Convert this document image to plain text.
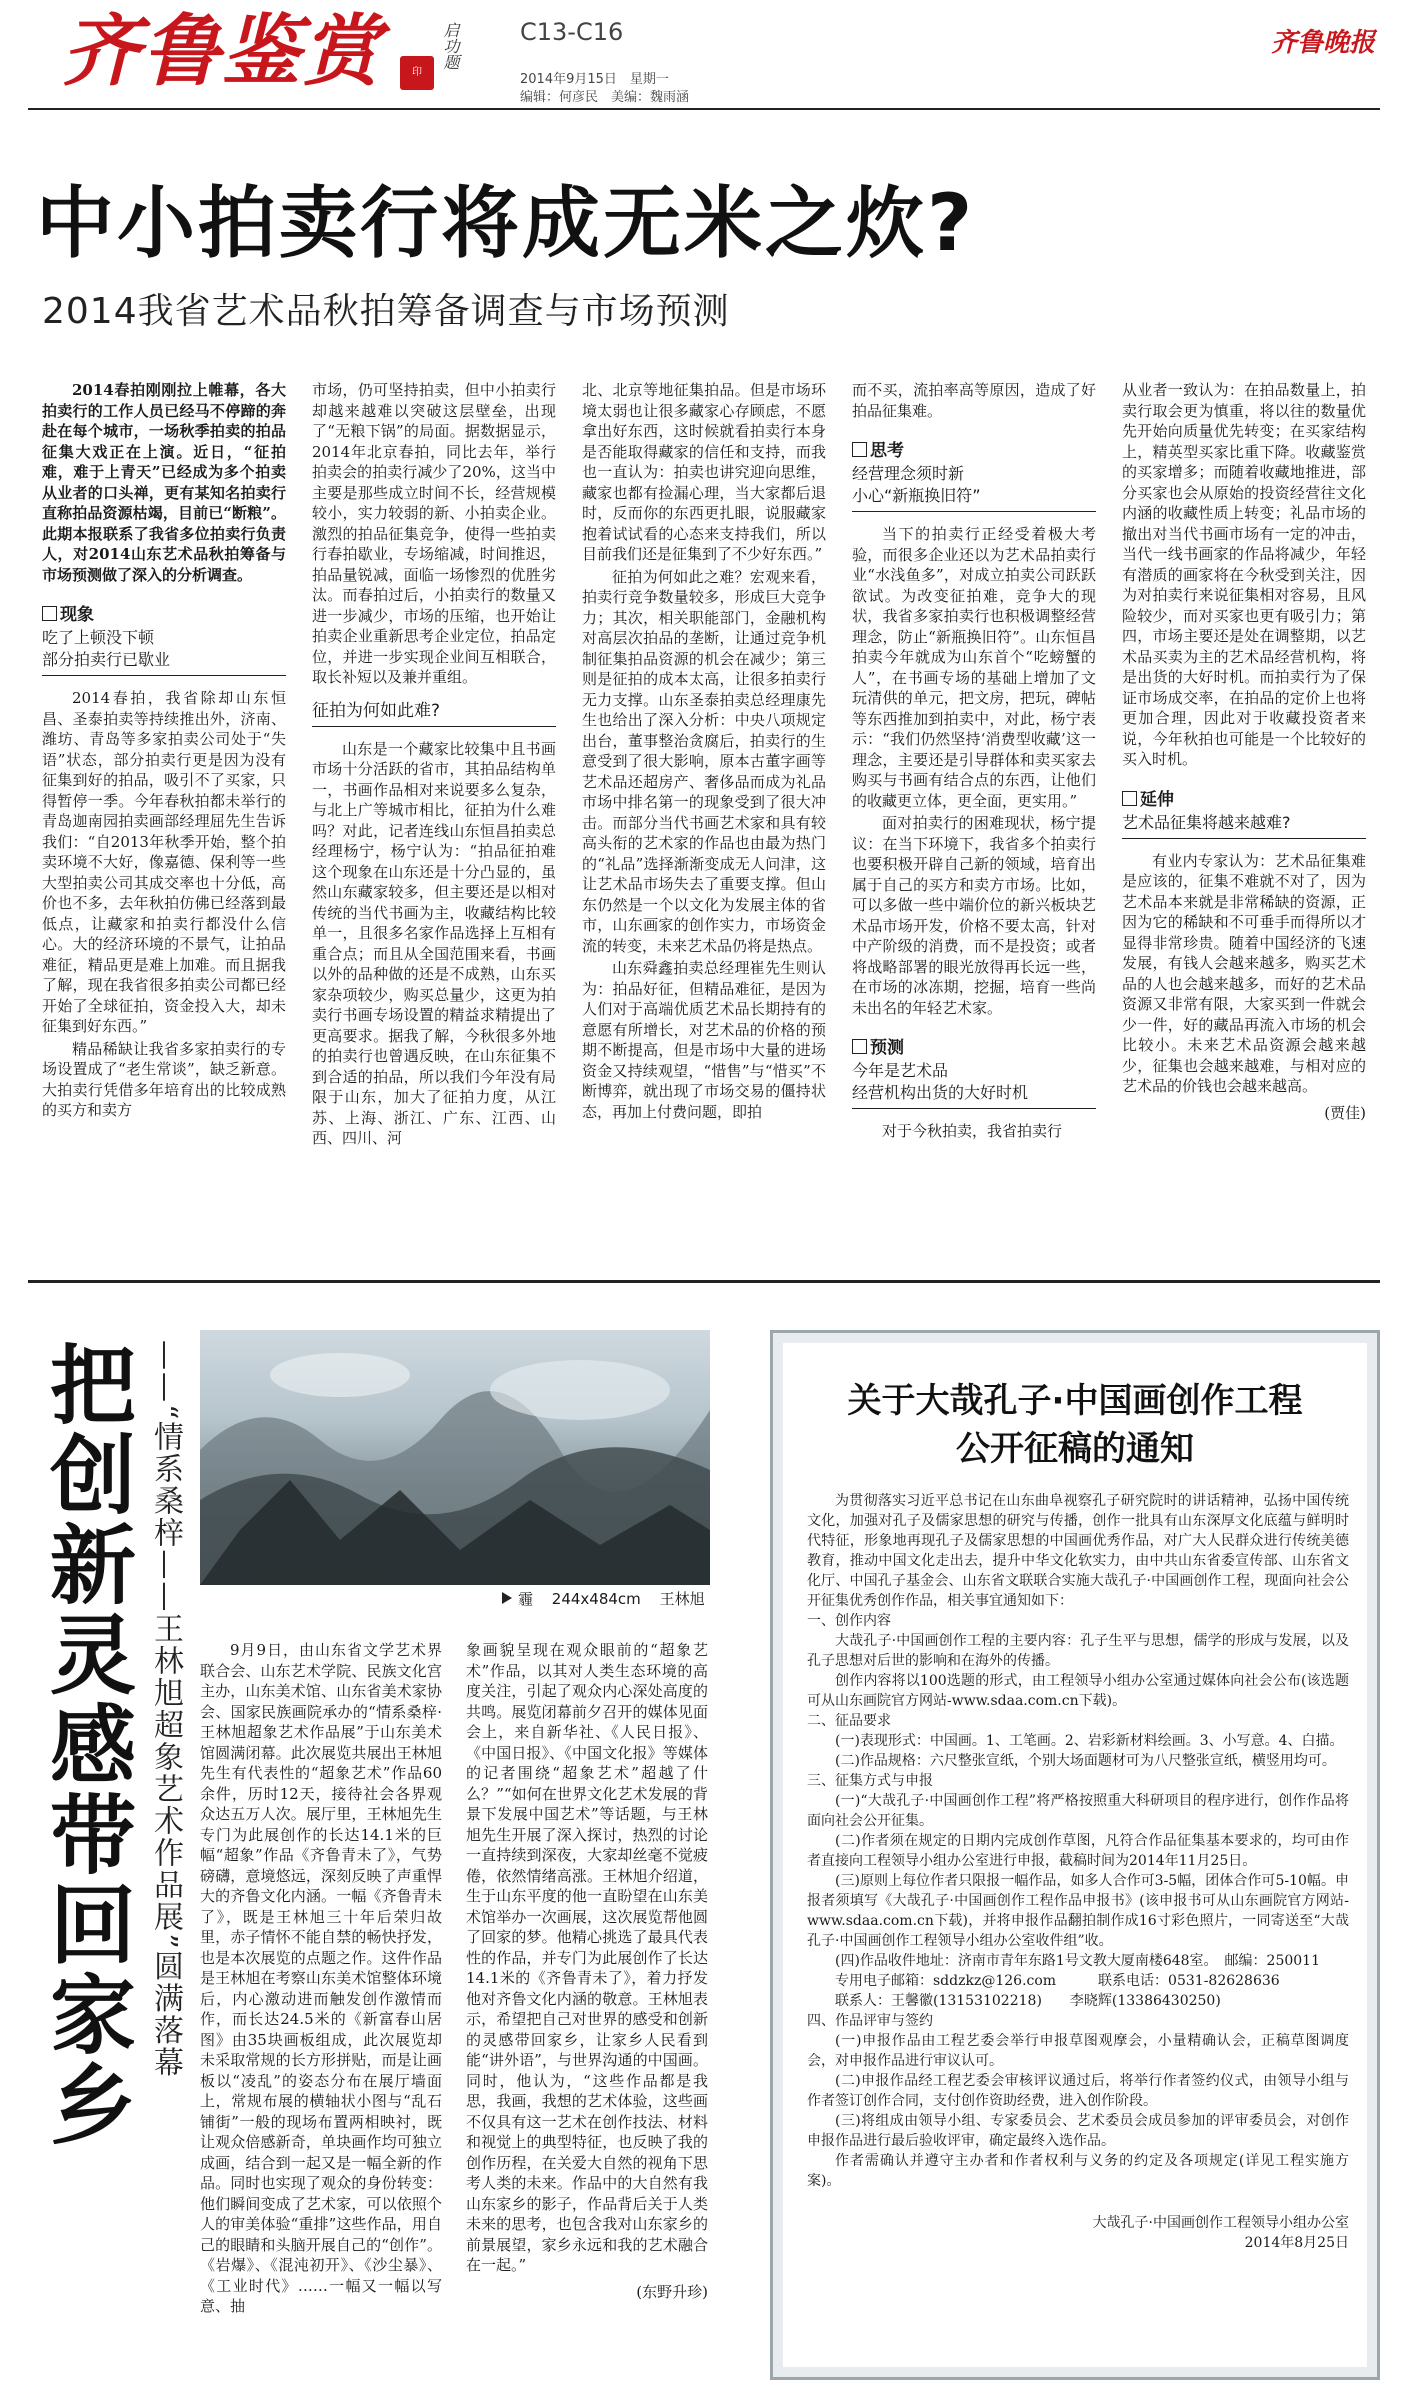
齐鲁鉴赏	印
启功题	C13-C16
2014年9月15日　星期一
编辑：何彦民　美编：魏雨涵
齐鲁晚报
中小拍卖行将成无米之炊?
2014我省艺术品秋拍筹备调查与市场预测

2014春拍刚刚拉上帷幕，各大拍卖行的工作人员已经马不停蹄的奔赴在每个城市，一场秋季拍卖的拍品征集大戏正在上演。近日，“征拍难，难于上青天”已经成为多个拍卖从业者的口头禅，更有某知名拍卖行直称拍品资源枯竭，目前已“断粮”。此期本报联系了我省多位拍卖行负责人，对2014山东艺术品秋拍筹备与市场预测做了深入的分析调查。

现象
吃了上顿没下顿
部分拍卖行已歇业

2014春拍，我省除却山东恒昌、圣泰拍卖等持续推出外，济南、潍坊、青岛等多家拍卖公司处于“失语”状态，部分拍卖行更是因为没有征集到好的拍品，吸引不了买家，只得暂停一季。今年春秋拍都未举行的青岛迦南园拍卖画部经理屈先生告诉我们：“自2013年秋季开始，整个拍卖环境不大好，像嘉德、保利等一些大型拍卖公司其成交率也十分低，高价也不多，去年秋拍仿佛已经落到最低点，让藏家和拍卖行都没什么信心。大的经济环境的不景气，让拍品难征，精品更是难上加难。而且据我了解，现在我省很多拍卖公司都已经开始了全球征拍，资金投入大，却未征集到好东西。”

精品稀缺让我省多家拍卖行的专场设置成了“老生常谈”，缺乏新意。大拍卖行凭借多年培育出的比较成熟的买方和卖方

市场，仍可坚持拍卖，但中小拍卖行却越来越难以突破这层壁垒，出现了“无粮下锅”的局面。据数据显示，2014年北京春拍，同比去年，举行拍卖会的拍卖行减少了20%，这当中主要是那些成立时间不长，经营规模较小，实力较弱的新、小拍卖企业。激烈的拍品征集竞争，使得一些拍卖行春拍歇业，专场缩减，时间推迟，拍品量锐减，面临一场惨烈的优胜劣汰。而春拍过后，小拍卖行的数量又进一步减少，市场的压缩，也开始让拍卖企业重新思考企业定位，拍品定位，并进一步实现企业间互相联合，取长补短以及兼并重组。

征拍为何如此难?

山东是一个藏家比较集中且书画市场十分活跃的省市，其拍品结构单一，书画作品相对来说要多么复杂，与北上广等城市相比，征拍为什么难吗？对此，记者连线山东恒昌拍卖总经理杨宁，杨宁认为：“拍品征拍难这个现象在山东还是十分凸显的，虽然山东藏家较多，但主要还是以相对传统的当代书画为主，收藏结构比较单一，且很多名家作品选择上互相有重合点；而且从全国范围来看，书画以外的品种做的还是不成熟，山东买家杂项较少，购买总量少，这更为拍卖行书画专场设置的精益求精提出了更高要求。据我了解，今秋很多外地的拍卖行也曾遇反映，在山东征集不到合适的拍品，所以我们今年没有局限于山东，加大了征拍力度，从江苏、上海、浙江、广东、江西、山西、四川、河

北、北京等地征集拍品。但是市场环境太弱也让很多藏家心存顾虑，不愿拿出好东西，这时候就看拍卖行本身是否能取得藏家的信任和支持，而我也一直认为：拍卖也讲究迎向思维，藏家也都有捡漏心理，当大家都后退时，反而你的东西更扎眼，说服藏家抱着试试看的心态来支持我们，所以目前我们还是征集到了不少好东西。”

征拍为何如此之难？宏观来看，拍卖行竞争数量较多，形成巨大竞争力；其次，相关职能部门，金融机构对高层次拍品的垄断，让通过竞争机制征集拍品资源的机会在减少；第三则是征拍的成本太高，让很多拍卖行无力支撑。山东圣泰拍卖总经理康先生也给出了深入分析：中央八项规定出台，董事整治贪腐后，拍卖行的生意受到了很大影响，原本古董字画等艺术品还超房产、奢侈品而成为礼品市场中排名第一的现象受到了很大冲击。而部分当代书画艺术家和具有较高头衔的艺术家的作品也由最为热门的“礼品”选择渐渐变成无人问津，这让艺术品市场失去了重要支撑。但山东仍然是一个以文化为发展主体的省市，山东画家的创作实力，市场资金流的转变，未来艺术品仍将是热点。

山东舜鑫拍卖总经理崔先生则认为：拍品好征，但精品难征，是因为人们对于高端优质艺术品长期持有的意愿有所增长，对艺术品的价格的预期不断提高，但是市场中大量的进场资金又持续观望，“惜售”与“惜买”不断博弈，就出现了市场交易的僵持状态，再加上付费问题，即拍

而不买，流拍率高等原因，造成了好拍品征集难。

思考
经营理念须时新
小心“新瓶换旧符”

当下的拍卖行正经受着极大考验，而很多企业还以为艺术品拍卖行业“水浅鱼多”，对成立拍卖公司跃跃欲试。为改变征拍难，竞争大的现状，我省多家拍卖行也积极调整经营理念，防止“新瓶换旧符”。山东恒昌拍卖今年就成为山东首个“吃螃蟹的人”，在书画专场的基础上增加了文玩清供的单元，把文房，把玩，碑帖等东西推加到拍卖中，对此，杨宁表示：“我们仍然坚持‘消费型收藏’这一理念，主要还是引导群体和卖买家去购买与书画有结合点的东西，让他们的收藏更立体，更全面，更实用。”

面对拍卖行的困难现状，杨宁提议：在当下环境下，我省多个拍卖行也要积极开辟自己新的领域，培育出属于自己的买方和卖方市场。比如，可以多做一些中端价位的新兴板块艺术品市场开发，价格不要太高，针对中产阶级的消费，而不是投资；或者将战略部署的眼光放得再长远一些，在市场的冰冻期，挖掘，培育一些尚未出名的年轻艺术家。

预测
今年是艺术品
经营机构出货的大好时机

对于今秋拍卖，我省拍卖行

从业者一致认为：在拍品数量上，拍卖行取会更为慎重，将以往的数量优先开始向质量优先转变；在买家结构上，精英型买家比重下降。收藏鉴赏的买家增多；而随着收藏地推进，部分买家也会从原始的投资经营往文化内涵的收藏性质上转变；礼品市场的撤出对当代书画市场有一定的冲击，当代一线书画家的作品将减少，年轻有潜质的画家将在今秋受到关注，因为对拍卖行来说征集相对容易，且风险较少，而对买家也更有吸引力；第四，市场主要还是处在调整期，以艺术品买卖为主的艺术品经营机构，将是出货的大好时机。而拍卖行为了保证市场成交率，在拍品的定价上也将更加合理，因此对于收藏投资者来说，今年秋拍也可能是一个比较好的买入时机。

延伸
艺术品征集将越来越难?

有业内专家认为：艺术品征集难是应该的，征集不难就不对了，因为艺术品本来就是非常稀缺的资源，正因为它的稀缺和不可垂手而得所以才显得非常珍贵。随着中国经济的飞速发展，有钱人会越来越多，购买艺术品的人也会越来越多，而好的艺术品资源又非常有限，大家买到一件就会少一件，好的藏品再流入市场的机会比较小。未来艺术品资源会越来越少，征集也会越来越难，与相对应的艺术品的价钱也会越来越高。

(贾佳)
把创新灵感带回家乡 ——“情系桑梓——王林旭超象艺术作品展”圆满落幕	霾 244x484cm 王林旭

9月9日，由山东省文学艺术界联合会、山东艺术学院、民族文化宫主办，山东美术馆、山东省美术家协会、国家民族画院承办的“情系桑梓·王林旭超象艺术作品展”于山东美术馆圆满闭幕。此次展览共展出王林旭先生有代表性的“超象艺术”作品60余件，历时12天，接待社会各界观众达五万人次。展厅里，王林旭先生专门为此展创作的长达14.1米的巨幅“超象”作品《齐鲁青未了》，气势磅礴，意境悠远，深刻反映了声重悍大的齐鲁文化内涵。一幅《齐鲁青未了》，既是王林旭三十年后荣归故里，赤子情怀不能自禁的畅快抒发，也是本次展览的点题之作。这件作品是王林旭在考察山东美术馆整体环境后，内心激动进而触发创作激情而作，而长达24.5米的《新富春山居图》由35块画板组成，此次展览却未采取常规的长方形拼贴，而是让画板以“凌乱”的姿态分布在展厅墙面上，常规布展的横轴状小图与“乱石铺街”一般的现场布置两相映衬，既让观众倍感新奇，单块画作均可独立成画，结合到一起又是一幅全新的作品。同时也实现了观众的身份转变：他们瞬间变成了艺术家，可以依照个人的审美体验“重排”这些作品，用自己的眼睛和头脑开展自己的“创作”。《岩爆》、《混沌初开》、《沙尘暴》、《工业时代》……一幅又一幅以写意、抽

象画貌呈现在观众眼前的“超象艺术”作品，以其对人类生态环境的高度关注，引起了观众内心深处高度的共鸣。展览闭幕前夕召开的媒体见面会上，来自新华社、《人民日报》、《中国日报》、《中国文化报》等媒体的记者围绕“超象艺术”超越了什么？”“如何在世界文化艺术发展的背景下发展中国艺术”等话题，与王林旭先生开展了深入探讨，热烈的讨论一直持续到深夜，大家却丝毫不觉疲倦，依然情绪高涨。王林旭介绍道，生于山东平度的他一直盼望在山东美术馆举办一次画展，这次展览帮他圆了回家的梦。他精心挑选了最具代表性的作品，并专门为此展创作了长达14.1米的《齐鲁青未了》，着力抒发他对齐鲁文化内涵的敬意。王林旭表示，希望把自己对世界的感受和创新的灵感带回家乡，让家乡人民看到能“讲外语”，与世界沟通的中国画。同时，他认为，“这些作品都是我思，我画，我想的艺术体验，这些画不仅具有这一艺术在创作技法、材料和视觉上的典型特征，也反映了我的创作历程，在关爱大自然的视角下思考人类的未来。作品中的大自然有我山东家乡的影子，作品背后关于人类未来的思考，也包含我对山东家乡的前景展望，家乡永远和我的艺术融合在一起。”

(东野升珍)
关于大哉孔子·中国画创作工程
公开征稿的通知

为贯彻落实习近平总书记在山东曲阜视察孔子研究院时的讲话精神，弘扬中国传统文化，加强对孔子及儒家思想的研究与传播，创作一批具有山东深厚文化底蕴与鲜明时代特征，形象地再现孔子及儒家思想的中国画优秀作品，对广大人民群众进行传统美德教育，推动中国文化走出去，提升中华文化软实力，由中共山东省委宣传部、山东省文化厅、中国孔子基金会、山东省文联联合实施大哉孔子·中国画创作工程，现面向社会公开征集优秀创作作品，相关事宜通知如下：

一、创作内容

大哉孔子·中国画创作工程的主要内容：孔子生平与思想，儒学的形成与发展，以及孔子思想对后世的影响和在海外的传播。

创作内容将以100选题的形式，由工程领导小组办公室通过媒体向社会公布(该选题可从山东画院官方网站-www.sdaa.com.cn下载)。

二、征品要求
(一)表现形式：中国画。1、工笔画。2、岩彩新材料绘画。3、小写意。4、白描。
(二)作品规格：六尺整张宣纸，个别大场面题材可为八尺整张宣纸，横竖用均可。
三、征集方式与申报

(一)“大哉孔子·中国画创作工程”将严格按照重大科研项目的程序进行，创作作品将面向社会公开征集。

(二)作者须在规定的日期内完成创作草图，凡符合作品征集基本要求的，均可由作者直接向工程领导小组办公室进行申报，截稿时间为2014年11月25日。

(三)原则上每位作者只限报一幅作品，如多人合作可3-5幅，团体合作可5-10幅。申报者须填写《大哉孔子·中国画创作工程作品申报书》(该申报书可从山东画院官方网站-www.sdaa.com.cn下载)，并将申报作品翻拍制作成16寸彩色照片，一同寄送至“大哉孔子·中国画创作工程领导小组办公室收件组”收。

(四)作品收件地址：济南市青年东路1号文教大厦南楼648室。　邮编：250011
专用电子邮箱：sddzkz@126.com　　　联系电话：0531-82628636
联系人：王馨徽(13153102218)　　李晓辉(13386430250)
四、作品评审与签约

(一)申报作品由工程艺委会举行申报草图观摩会，小量精确认会，正稿草图调度会，对申报作品进行审议认可。

(二)申报作品经工程艺委会审核评议通过后，将举行作者签约仪式，由领导小组与作者签订创作合同，支付创作资助经费，进入创作阶段。

(三)将组成由领导小组、专家委员会、艺术委员会成员参加的评审委员会，对创作申报作品进行最后验收评审，确定最终入选作品。

作者需确认并遵守主办者和作者权利与义务的约定及各项规定(详见工程实施方案)。

大哉孔子·中国画创作工程领导小组办公室
2014年8月25日
